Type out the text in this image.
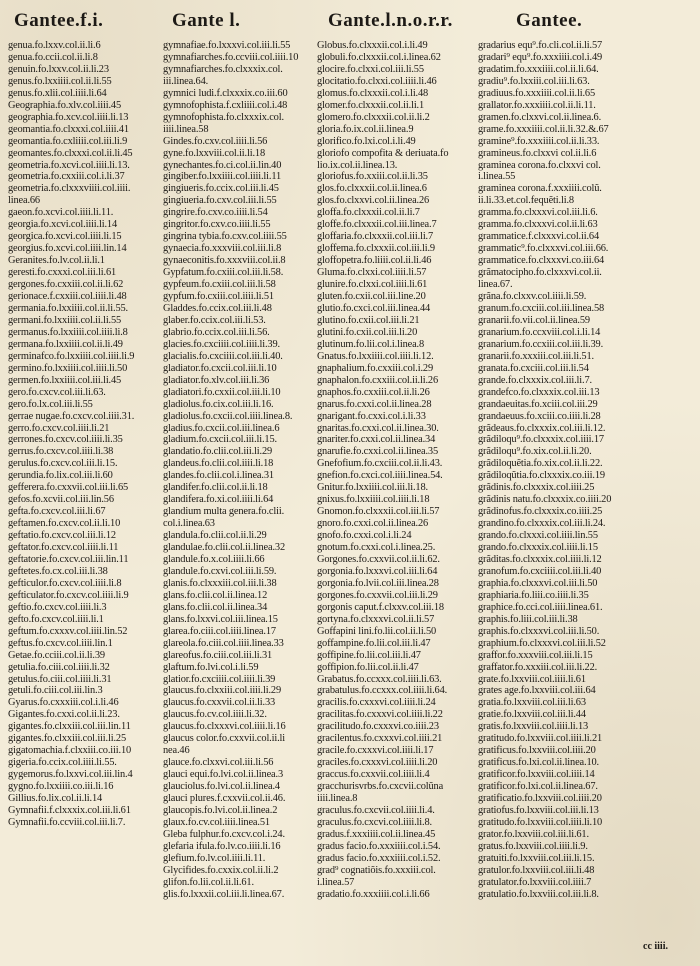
Gantee.f.i.	Gante l.	Gante.l.n.o.r.r.	Gantee.
genua.fo.lxxv.col.ii.li.6
genua.fo.ccii.col.ii.li.8
genuin.fo.lxxv.col.ii.li.23
genus.fo.lxxiiii.col.ii.li.55
genus.fo.xlii.col.iiii.li.64
Geographia.fo.xlv.col.iiii.45
geographia.fo.xcv.col.iiii.li.13
geomantia.fo.clxxxi.col.iiii.41
geomantia.fo.cxliiii.col.iii.li.9
geomantes.fo.clxxxi.col.ii.li.45
geometria.fo.xcvi.col.iiii.li.13.
geometria.fo.cxxiii.col.i.li.37
geometria.fo.clxxxviiii.col.iiii.
linea.66
gaeon.fo.xcvi.col.iiii.li.11.
georgia.fo.xcvi.col.iiii.li.14
georgica.fo.xcvi.col.iiii.li.15
georgius.fo.xcvi.col.iiii.lin.14
Geranites.fo.lv.col.ii.li.1
geresti.fo.cxxxi.col.iii.li.61
gergones.fo.cxxiii.col.ii.li.62
gerionace.f.cxxiii.col.iiii.li.48
germania.fo.lxxiiii.col.ii.li.55.
germani.fo.lxxiiii.col.ii.li.55
germanus.fo.lxxiiii.col.iiii.li.8
germana.fo.lxxiiii.col.ii.li.49
germinafco.fo.lxxiiii.col.iiii.li.9
germino.fo.lxxiiii.col.iiii.li.50
germen.fo.lxxiiii.col.iii.li.45
gero.fo.cxcv.col.iii.li.63.
gero.fo.lx.col.iii.li.55
gerrae nugae.fo.cxcv.col.iiii.31.
gerro.fo.cxcv.col.iiii.li.21
gerrones.fo.cxcv.col.iiii.li.35
gerrus.fo.cxcv.col.iiii.li.38
gerulus.fo.cxcv.col.iii.li.15.
gerundia.fo.lix.col.iii.li.60
gefferera.fo.cxxvii.col.iii.li.65
gefos.fo.xcvii.col.iii.lin.56
gefta.fo.cxcv.col.iii.li.67
geftamen.fo.cxcv.col.ii.li.10
geftatio.fo.cxcv.col.iii.li.12
geftator.fo.cxcv.col.iiii.li.11
geftatorie.fo.cxcv.col.iii.lin.11
geftetes.fo.cx.col.iii.li.38
gefticulor.fo.cxcv.col.iiii.li.8
gefticulator.fo.cxcv.col.iiii.li.9
geftio.fo.cxcv.col.iiii.li.3
gefto.fo.cxcv.col.iiii.li.1
geftum.fo.cxxxv.col.iiii.lin.52
geftus.fo.cxcv.col.iiii.lin.1
Getae.fo.cciii.col.ii.li.39
getulia.fo.ciii.col.iiii.li.32
getulus.fo.ciii.col.iiii.li.31
getuli.fo.ciii.col.iii.lin.3
Gyarus.fo.cxxxiii.col.i.li.46
Gigantes.fo.cxxi.col.ii.li.23.
gigantes.fo.clxxiii.col.iii.lin.11
gigantes.fo.clxxiii.col.iii.li.25
gigatomachia.f.clxxiii.co.iii.10
gigeria.fo.ccix.col.iiii.li.55.
gygemorus.fo.lxxvi.col.iii.lin.4
gygno.fo.lxxiiii.co.iii.li.16
Gillius.fo.lix.col.ii.li.14
Gymnafii.f.clxxxix.col.iii.li.61
Gymnafii.fo.ccviii.col.iii.li.7.
gymnafiae.fo.lxxxvi.col.iii.li.55
gymnafiarches.fo.ccviii.col.iiii.10
gymnafiarches.fo.clxxxix.col.
iii.linea.64.
gymnici ludi.f.clxxxix.co.iii.60
gymnofophista.f.cxliiii.col.i.48
gymnofophista.fo.clxxxix.col.
iiii.linea.58
Gindes.fo.cxv.col.iiii.li.56
gyne.fo.lxxviii.col.ii.li.18
gynechantes.fo.ci.col.ii.lin.40
gingiber.fo.lxxiiii.col.iiii.li.11
gingiueris.fo.ccix.col.iii.li.45
gingiueria.fo.cxv.col.iii.li.55
gingrire.fo.cxv.co.iiii.li.54
gingritor.fo.cxv.co.iiii.li.55
gingrina tybia.fo.cxv.col.iiii.55
gynaecia.fo.xxxviii.col.iii.li.8
gynaeconitis.fo.xxxviii.col.ii.8
Gypfatum.fo.cxiii.col.iii.li.58.
gypfeum.fo.cxiii.col.iii.li.58
gypfum.fo.cxiii.col.iiii.li.51
Gladdes.fo.ccix.col.iii.li.48
glaber.fo.ccix.col.iii.li.53.
glabrio.fo.ccix.col.iii.li.56.
glacies.fo.cxciiii.col.iiii.li.39.
glacialis.fo.cxciiii.col.iii.li.40.
gladiator.fo.cxcii.col.iii.li.10
gladiator.fo.xlv.col.iii.li.36
gladiatori.fo.cxxii.col.iii.li.10
gladiolus.fo.cix.col.iii.li.16.
gladiolus.fo.cxcii.col.iiii.linea.8.
gladius.fo.cxcii.col.iii.linea.6
gladium.fo.cxcii.col.iii.li.15.
glandatio.fo.clii.col.iii.li.29
glandeus.fo.clii.col.iiii.li.18
glandes.fo.clii.col.i.linea.31
glandifer.fo.clii.col.ii.li.18
glandifera.fo.xi.col.iiii.li.64
glandium multa genera.fo.clii.
col.i.linea.63
glandula.fo.clii.col.ii.li.29
glandulae.fo.clii.col.ii.linea.32
glandule.fo.x.col.iiii.li.66
glandule.fo.cxvi.col.iii.li.59.
glanis.fo.clxxxiii.col.iii.li.38
glans.fo.clii.col.ii.linea.12
glans.fo.clii.col.ii.linea.34
glans.fo.lxxvi.col.iii.linea.15
glarea.fo.ciii.col.iiii.linea.17
glareola.fo.ciii.col.iiii.linea.33
glareofus.fo.ciii.col.iii.li.31
glaftum.fo.lvi.col.i.li.59
glatior.fo.cxciiii.col.iiii.li.39
glaucus.fo.clxxiii.col.iiii.li.29
glaucus.fo.cxxvii.col.ii.li.33
glaucus.fo.cv.col.iiii.li.32.
glaucus.fo.clxxxvi.col.iiii.li.16
glaucus color.fo.cxxvii.col.ii.li
nea.46
glauce.fo.clxxvi.col.iii.li.56
glauci equi.fo.lvi.col.ii.linea.3
glauciolus.fo.lvi.col.ii.linea.4
glauci plures.f.cxxvii.col.ii.46.
glaucopis.fo.lvi.col.ii.linea.2
glaux.fo.cv.col.iiii.linea.51
Gleba fulphur.fo.cxcv.col.i.24.
glefaria ifula.fo.lv.co.iiii.li.16
glefium.fo.lv.col.iiii.li.11.
Glycifides.fo.cxxix.col.ii.li.2
glifon.fo.lii.col.ii.li.61.
glis.fo.lxxxii.col.iii.li.linea.67.
Globus.fo.clxxxii.col.i.li.49
globuli.fo.clxxxii.col.i.linea.62
glocire.fo.clxxi.col.iii.li.55
glocitatio.fo.clxxi.col.iiii.li.46
glomus.fo.clxxxii.col.i.li.48
glomer.fo.clxxxii.col.ii.li.1
glomero.fo.clxxxii.col.ii.li.2
gloria.fo.ix.col.ii.linea.9
glorifico.fo.lxi.col.i.li.49
gloriofo compofita & deriuata.fo
lio.ix.col.ii.linea.13.
gloriofus.fo.xxiii.col.ii.li.35
glos.fo.clxxxii.col.ii.linea.6
glos.fo.clxxvi.col.ii.linea.26
gloffa.fo.clxxxii.col.ii.li.7
gloffe.fo.clxxxii.col.iii.linea.7
gloffaria.fo.clxxxii.col.iii.li.7
gloffema.fo.clxxxii.col.iii.li.9
gloffopetra.fo.liiii.col.ii.li.46
Gluma.fo.clxxi.col.iiii.li.57
glunire.fo.clxxi.col.iiii.li.61
gluten.fo.cxii.col.iii.line.20
glutio.fo.cxci.col.iii.linea.44
glutino.fo.cxii.col.iii.li.21
glutini.fo.cxii.col.iii.li.20
glutinum.fo.lii.col.i.linea.8
Gnatus.fo.lxxiiii.col.iiii.li.12.
gnaphalium.fo.cxxiii.col.i.29
gnaphalon.fo.cxxiii.col.ii.li.26
gnaphos.fo.cxxiii.col.ii.li.26
gnarus.fo.cxxi.col.ii.linea.28
gnarigant.fo.cxxi.col.i.li.33
gnaritas.fo.cxxi.col.ii.linea.30.
gnariter.fo.cxxi.col.ii.linea.34
gnarufie.fo.cxxi.col.ii.linea.35
Gnefofium.fo.cxciii.col.ii.li.43.
gnefion.fo.cxci.col.iiii.linea.54.
Gnitur.fo.lxxiiii.col.iii.li.18.
gnixus.fo.lxxiiii.col.iiii.li.18
Gnomon.fo.clxxxii.col.iii.li.57
gnoro.fo.cxxi.col.ii.linea.26
gnofo.fo.cxxi.col.i.li.24
gnotum.fo.cxxi.col.i.linea.25.
Gorgones.fo.cxxvii.col.ii.li.62.
gorgonia.fo.lxxxvi.col.iii.li.64
gorgonia.fo.lvii.col.iii.linea.28
gorgones.fo.cxxvii.col.iii.li.29
gorgonis caput.f.clxxv.col.iii.18
gortyna.fo.clxxxvi.col.ii.li.57
Goffapini lini.fo.lii.col.ii.li.50
goffampine.fo.lii.col.iii.li.47
goffipine.fo.lii.col.iii.li.47
goffipion.fo.lii.col.ii.li.47
Grabatus.fo.ccxxx.col.iiii.li.63.
grabatulus.fo.ccxxx.col.iiii.li.64.
gracilis.fo.cxxxvi.col.iiii.li.24
gracilitas.fo.cxxxvi.col.iiii.li.22
gracilitudo.fo.cxxxvi.co.iiii.23
gracilentus.fo.cxxxvi.col.iiii.21
gracile.fo.cxxxvi.col.iiii.li.17
graciles.fo.cxxxvi.col.iiii.li.20
graccus.fo.cxxvii.col.iiii.li.4
gracchurisvrbs.fo.cxcvii.colũna
iiii.linea.8
graculus.fo.cxcvii.col.iiii.li.4.
graculus.fo.cxcvi.col.iiii.li.8.
gradus.f.xxxiiii.col.ii.linea.45
gradus facio.fo.xxxiiii.col.i.54.
gradus facio.fo.xxxiiii.col.i.52.
grad⁹ cognatiõis.fo.xxxiii.col.
i.linea.57
gradatio.fo.xxxiiii.col.i.li.66
gradarius equ⁹.fo.cli.col.ii.li.57
gradari⁹ equ⁹.fo.xxxiiii.col.i.49
gradatim.fo.xxxiiii.col.ii.li.64.
gradiu⁹.fo.lxxiii.col.iii.li.63.
gradiuus.fo.xxxiiii.col.ii.li.65
grallator.fo.xxxiiii.col.ii.li.11.
gramen.fo.clxxvi.col.ii.linea.6.
grame.fo.xxxiiii.col.ii.li.32.&.67
gramine⁹.fo.xxxiiii.col.ii.li.33.
gramineus.fo.clxxvi col.ii.li.6
graminea corona.fo.clxxvi col.
i.linea.55
graminea corona.f.xxxiiii.colũ.
ii.li.33.et.col.fequẽti.li.8
gramma.fo.clxxxvi.col.iii.li.6.
gramma.fo.clxxxvi.col.ii.li.63
grammatice.f.clxxxvi.col.ii.64
grammatic⁹.fo.clxxxvi.col.iii.66.
grammatice.fo.clxxxvi.co.iii.64
grãmatocipho.fo.clxxxvi.col.ii.
linea.67.
grãna.fo.clxxv.col.iiii.li.59.
granum.fo.cxciii.col.iii.linea.58
granarii.fo.vii.col.ii.linea.59
granarium.fo.ccxviii.col.i.li.14
granarium.fo.ccxiii.col.iii.li.39.
granarii.fo.xxxiii.col.iii.li.51.
granata.fo.cxciii.col.iii.li.54
grande.fo.clxxxix.col.iii.li.7.
grandefco.fo.clxxxix.col.iii.13
grandaeuitas.fo.xciii.col.iii.29
grandaeuus.fo.xciii.co.iiii.li.28
grãdeaus.fo.clxxxix.col.iii.li.12.
grãdiloqu⁹.fo.clxxxix.col.iiii.17
grãdiloqu⁹.fo.xix.col.ii.li.20.
grãdiloquẽtia.fo.xix.col.ii.li.22.
grãdiloqũtia.fo.clxxxix.co.iii.19
grãdinis.fo.clxxxix.col.iiii.25
grãdinis natu.fo.clxxxix.co.iiii.20
grãdinofus.fo.clxxxix.co.iiii.25
grandino.fo.clxxxix.col.iii.li.24.
grando.fo.clxxxi.col.iiii.lin.55
grando.fo.clxxxix.col.iiii.li.15
grãditas.fo.clxxxix.col.iiii.li.12
granofum.fo.cxciiii.col.iii.li.40
graphia.fo.clxxxvi.col.iii.li.50
graphiaria.fo.liii.co.iiii.li.35
graphice.fo.cci.col.iiii.linea.61.
graphis.fo.liii.col.iii.li.38
graphis.fo.clxxxvi.col.iii.li.50.
graphium.fo.clxxxvi.col.iii.li.52
graffor.fo.xxxviii.col.iii.li.15
graffator.fo.xxxiii.col.iii.li.22.
grate.fo.lxxviii.col.iiii.li.61
grates age.fo.lxxviii.col.iii.64
gratia.fo.lxxviii.col.iii.li.63
gratie.fo.lxxviii.col.iii.li.44
gratis.fo.lxxviii.col.iiii.li.13
gratitudo.fo.lxxviii.col.iiii.li.21
gratificus.fo.lxxviii.col.iiii.20
gratificus.fo.lxi.col.ii.linea.10.
gratificor.fo.lxxviii.col.iiii.14
gratificor.fo.lxi.col.ii.linea.67.
gratificatio.fo.lxxviii.col.iiii.20
gratiofus.fo.lxxviii.col.iii.li.13
gratitudo.fo.lxxviii.col.iiii.li.10
grator.fo.lxxviii.col.iii.li.61.
gratus.fo.lxxviii.col.iiii.li.9.
gratuiti.fo.lxxviii.col.iii.li.15.
gratulor.fo.lxxviii.col.iii.li.48
gratulator.fo.lxxviii.col.iiii.7
gratulatio.fo.lxxviii.col.iii.li.8.
cc iiii.
